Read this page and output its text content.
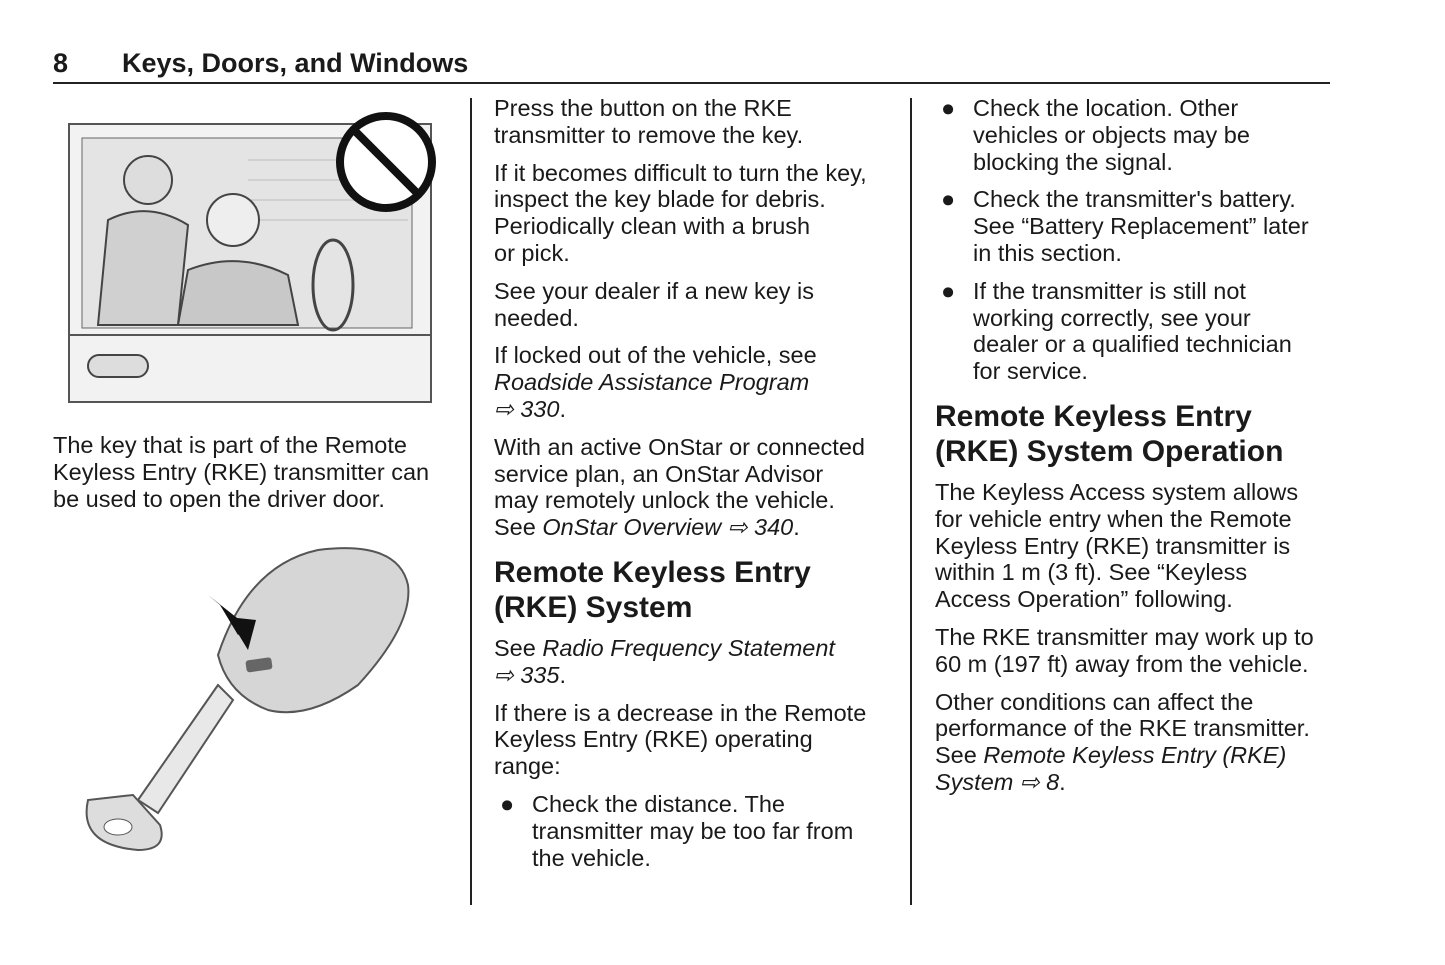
8 Keys, Doors, and Windows

The key that is part of the Remote
Keyless Entry (RKE) transmitter can
be used to open the driver door.

Press the button on the RKE
transmitter to remove the key.

If it becomes difficult to turn the key,
inspect the key blade for debris.
Periodically clean with a brush
or pick.

See your dealer if a new key is
needed.

If locked out of the vehicle, see
Roadside Assistance Program
⇨ 330.

With an active OnStar or connected
service plan, an OnStar Advisor
may remotely unlock the vehicle.
See OnStar Overview ⇨ 340.

Remote Keyless Entry
(RKE) System

See Radio Frequency Statement
⇨ 335.

If there is a decrease in the Remote
Keyless Entry (RKE) operating
range:

● Check the distance. The
transmitter may be too far from
the vehicle.
● Check the location. Other
vehicles or objects may be
blocking the signal.
● Check the transmitter's battery.
See “Battery Replacement” later
in this section.
● If the transmitter is still not
working correctly, see your
dealer or a qualified technician
for service.
Remote Keyless Entry
(RKE) System Operation

The Keyless Access system allows
for vehicle entry when the Remote
Keyless Entry (RKE) transmitter is
within 1 m (3 ft). See “Keyless
Access Operation” following.

The RKE transmitter may work up to
60 m (197 ft) away from the vehicle.

Other conditions can affect the
performance of the RKE transmitter.
See Remote Keyless Entry (RKE)
System ⇨ 8.
